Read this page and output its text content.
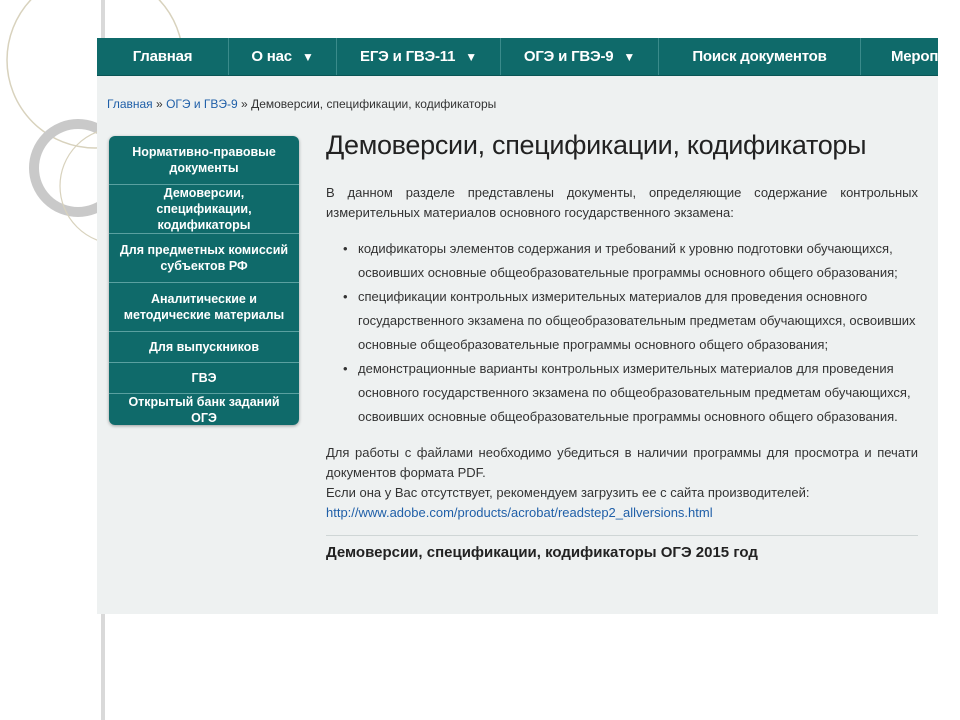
Главная	О нас ▼	ЕГЭ и ГВЭ-11 ▼	ОГЭ и ГВЭ-9 ▼	Поиск документов	Мероп
Главная » ОГЭ и ГВЭ-9 » Демоверсии, спецификации, кодификаторы
Нормативно-правовые документы
Демоверсии, спецификации, кодификаторы
Для предметных комиссий субъектов РФ
Аналитические и методические материалы
Для выпускников
ГВЭ
Открытый банк заданий ОГЭ
Демоверсии, спецификации, кодификаторы

В данном разделе представлены документы, определяющие содержание контрольных измерительных материалов основного государственного экзамена:

• кодификаторы элементов содержания и требований к уровню подготовки обучающихся, освоивших основные общеобразовательные программы основного общего образования;
• спецификации контрольных измерительных материалов для проведения основного государственного экзамена по общеобразовательным предметам обучающихся, освоивших основные общеобразовательные программы основного общего образования;
• демонстрационные варианты контрольных измерительных материалов для проведения основного государственного экзамена по общеобразовательным предметам обучающихся, освоивших основные общеобразовательные программы основного общего образования.

Для работы с файлами необходимо убедиться в наличии программы для просмотра и печати документов формата PDF.

Если она у Вас отсутствует, рекомендуем загрузить ее с сайта производителей:

http://www.adobe.com/products/acrobat/readstep2_allversions.html
Демоверсии, спецификации, кодификаторы ОГЭ 2015 год
